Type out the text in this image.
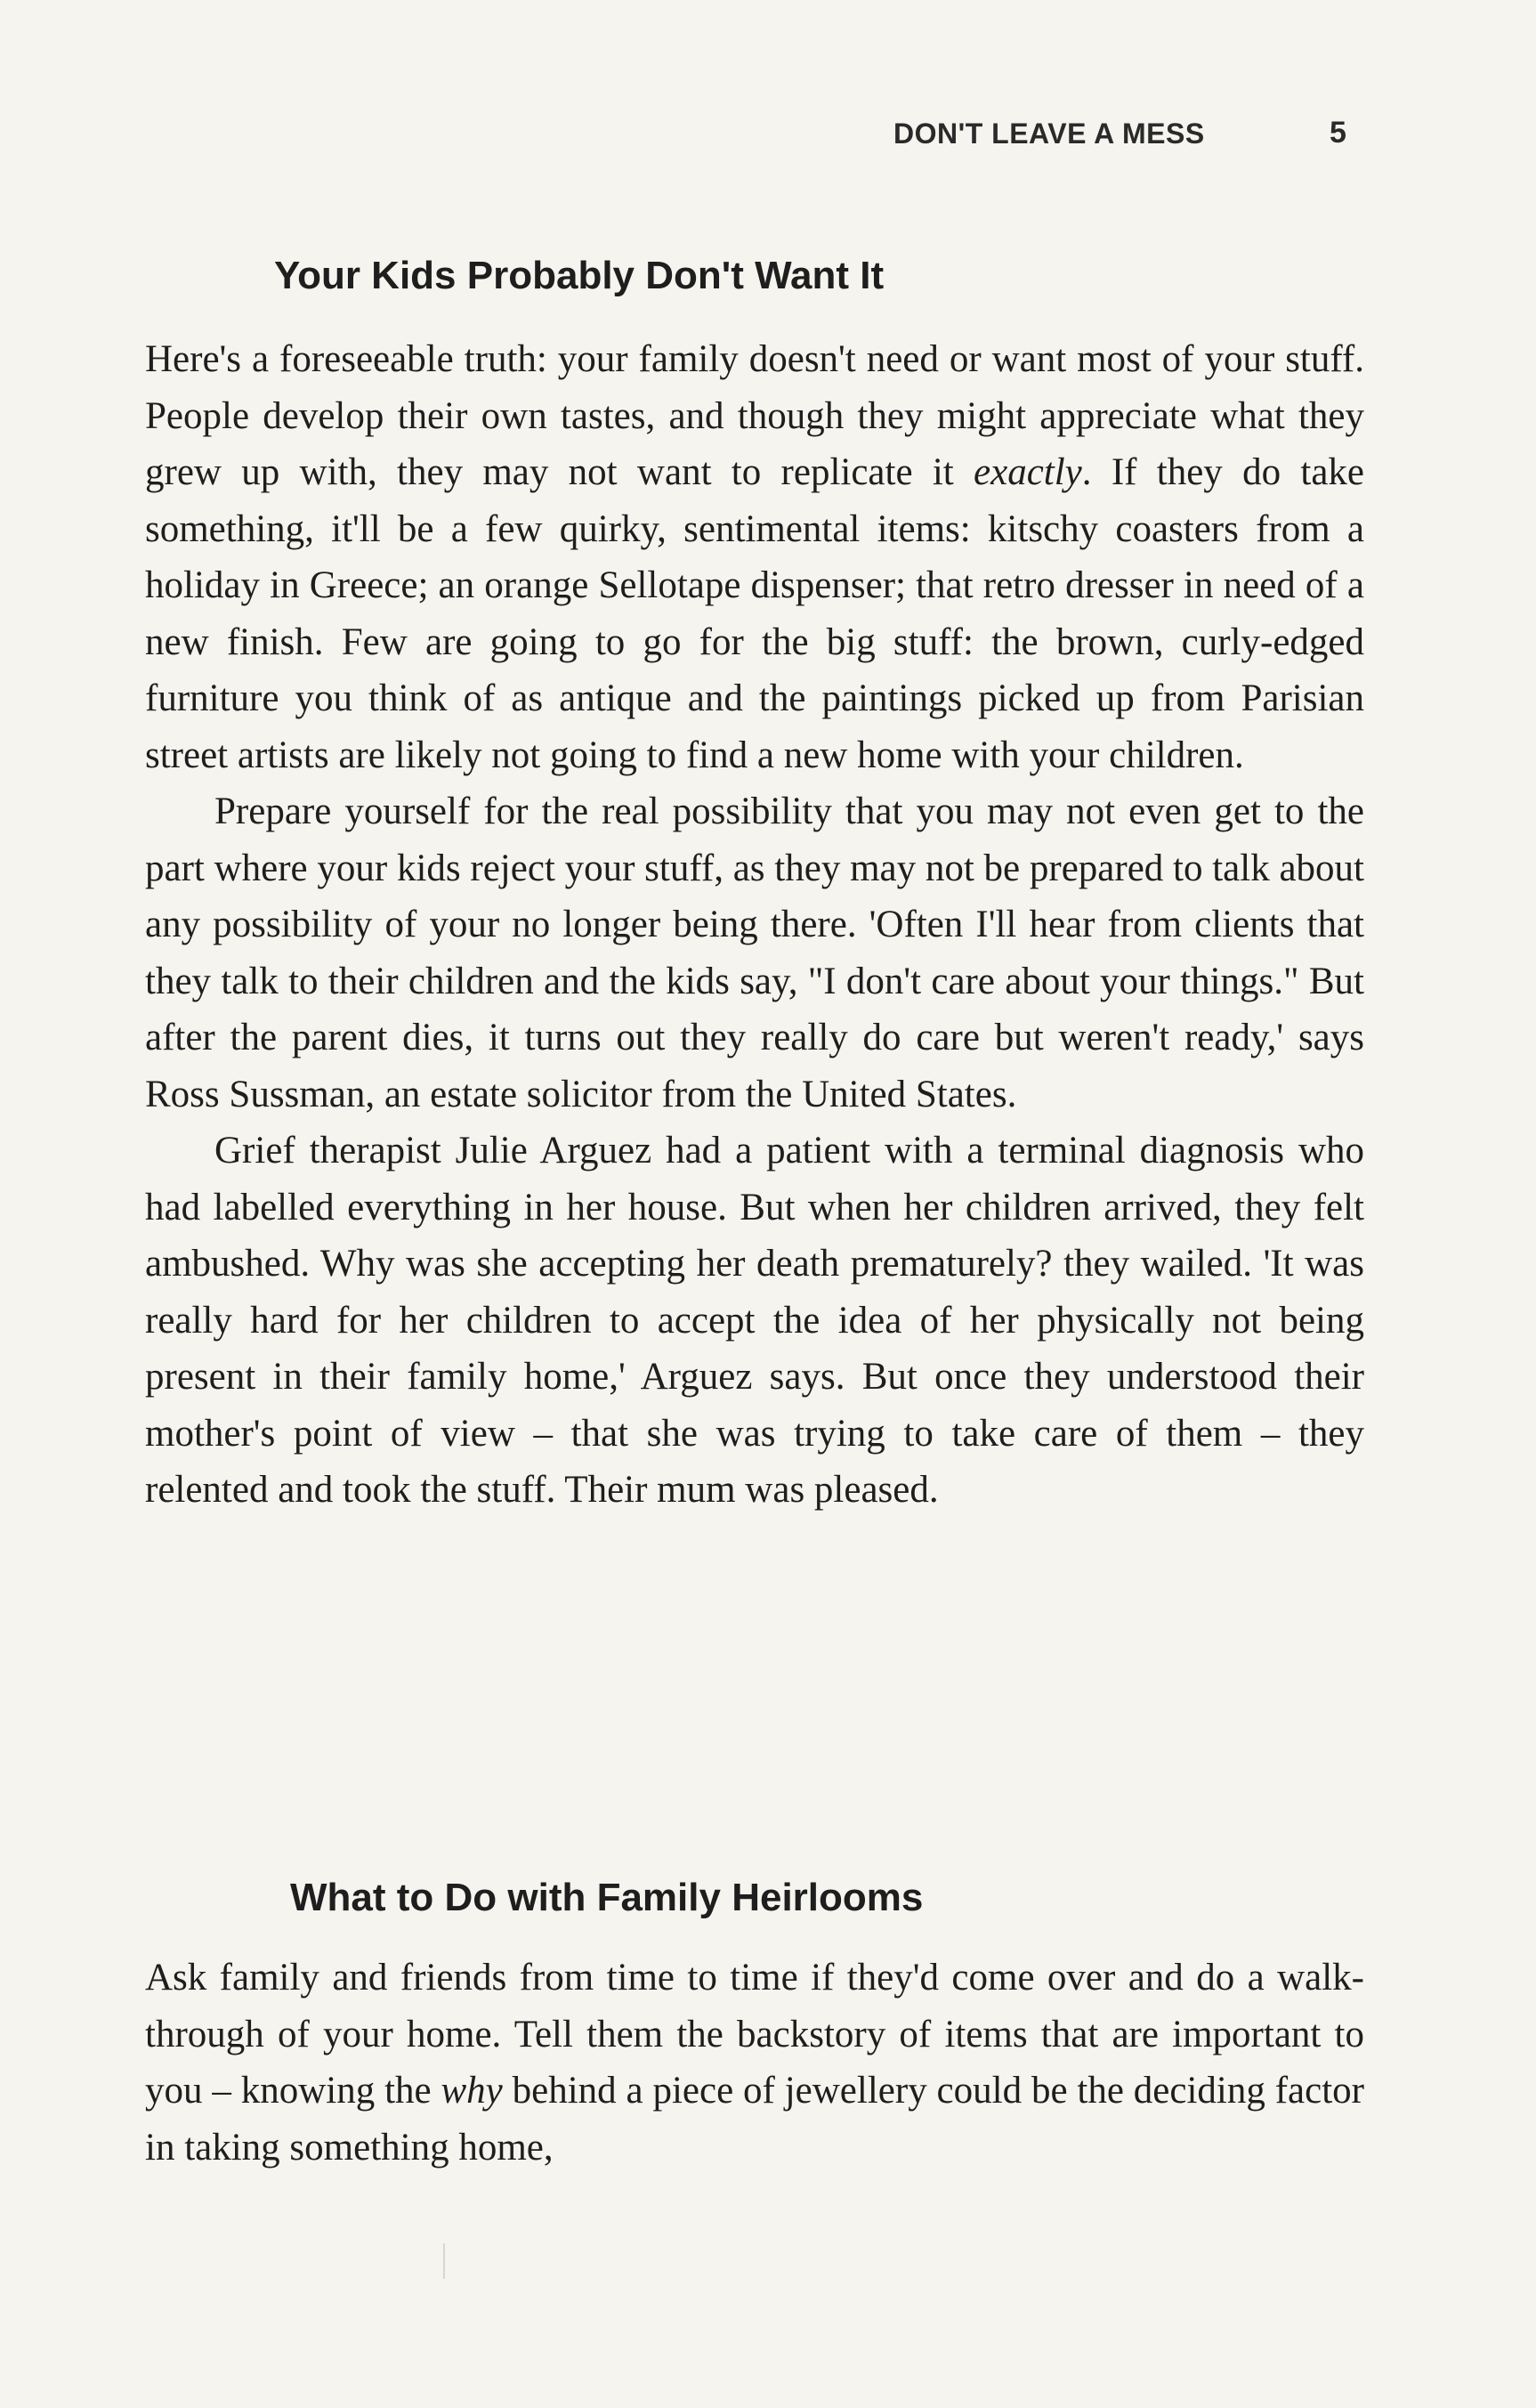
DON'T LEAVE A MESS	5
Your Kids Probably Don't Want It

Here's a foreseeable truth: your family doesn't need or want most of your stuff. People develop their own tastes, and though they might appreciate what they grew up with, they may not want to replicate it exactly. If they do take something, it'll be a few quirky, sentimental items: kitschy coasters from a holiday in Greece; an orange Sellotape dispenser; that retro dresser in need of a new finish. Few are going to go for the big stuff: the brown, curly-edged furniture you think of as antique and the paintings picked up from Parisian street artists are likely not going to find a new home with your children.

Prepare yourself for the real possibility that you may not even get to the part where your kids reject your stuff, as they may not be prepared to talk about any possibility of your no longer being there. 'Often I'll hear from clients that they talk to their children and the kids say, "I don't care about your things." But after the parent dies, it turns out they really do care but weren't ready,' says Ross Sussman, an estate solicitor from the United States.

Grief therapist Julie Arguez had a patient with a terminal diagnosis who had labelled everything in her house. But when her children arrived, they felt ambushed. Why was she accepting her death prematurely? they wailed. 'It was really hard for her children to accept the idea of her physically not being present in their family home,' Arguez says. But once they understood their mother's point of view – that she was trying to take care of them – they relented and took the stuff. Their mum was pleased.

What to Do with Family Heirlooms

Ask family and friends from time to time if they'd come over and do a walk-through of your home. Tell them the backstory of items that are important to you – knowing the why behind a piece of jewellery could be the deciding factor in taking something home,
